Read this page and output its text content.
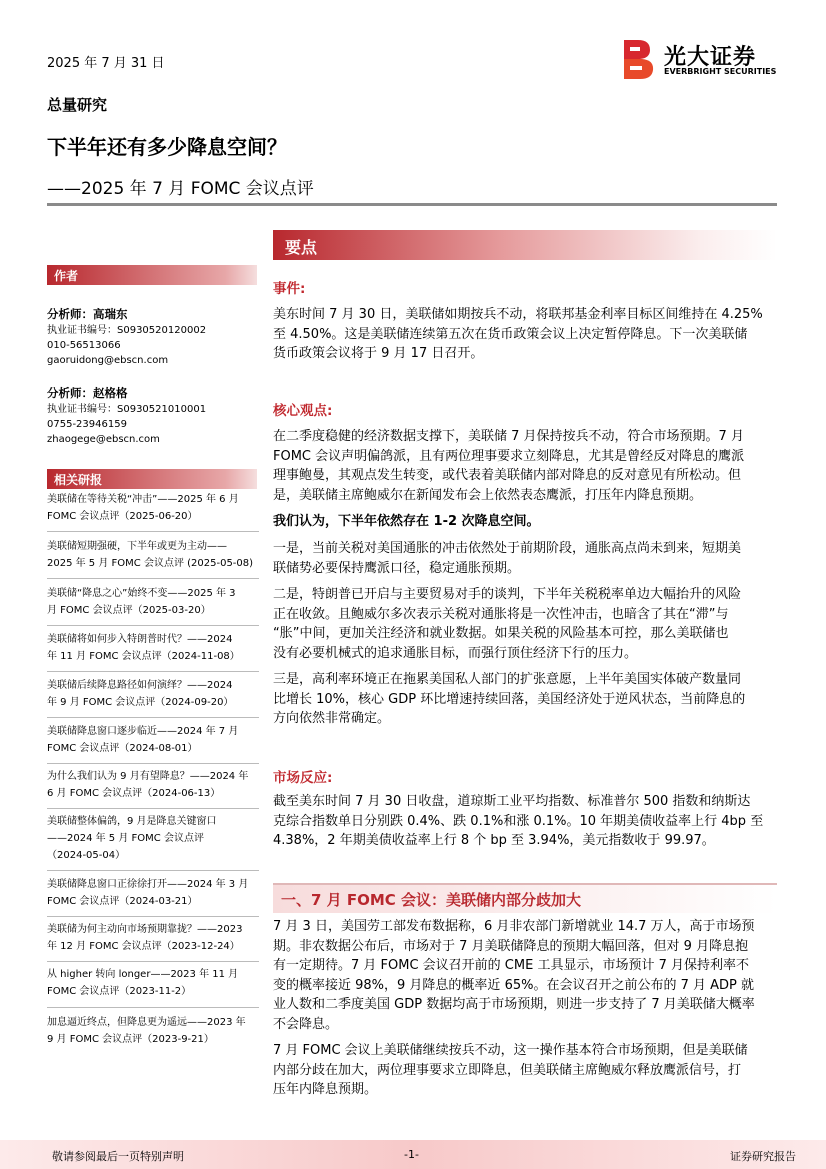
2025 年 7 月 31 日	光大证券
EVERBRIGHT SECURITIES
总量研究
下半年还有多少降息空间？
——2025 年 7 月 FOMC 会议点评
作者
分析师：高瑞东
执业证书编号：S0930520120002
010-56513066
gaoruidong@ebscn.com
分析师：赵格格
执业证书编号：S0930521010001
0755-23946159
zhaogege@ebscn.com
相关研报
美联储在等待关税“冲击”——2025 年 6 月
FOMC 会议点评（2025-06-20）
美联储短期强硬，下半年或更为主动——
2025 年 5 月 FOMC 会议点评 (2025-05-08)
美联储“降息之心”始终不变——2025 年 3
月 FOMC 会议点评（2025-03-20）
美联储将如何步入特朗普时代？——2024
年 11 月 FOMC 会议点评（2024-11-08）
美联储后续降息路径如何演绎？——2024
年 9 月 FOMC 会议点评（2024-09-20）
美联储降息窗口逐步临近——2024 年 7 月
FOMC 会议点评（2024-08-01）
为什么我们认为 9 月有望降息？——2024 年
6 月 FOMC 会议点评（2024-06-13）
美联储整体偏鸽，9 月是降息关键窗口
——2024 年 5 月 FOMC 会议点评
（2024-05-04）
美联储降息窗口正徐徐打开——2024 年 3 月
FOMC 会议点评（2024-03-21）
美联储为何主动向市场预期靠拢？——2023
年 12 月 FOMC 会议点评（2023-12-24）
从 higher 转向 longer——2023 年 11 月
FOMC 会议点评（2023-11-2）
加息逼近终点，但降息更为遥远——2023 年
9 月 FOMC 会议点评（2023-9-21）
要点
事件:
美东时间 7 月 30 日，美联储如期按兵不动，将联邦基金利率目标区间维持在 4.25%
至 4.50%。这是美联储连续第五次在货币政策会议上决定暂停降息。下一次美联储
货币政策会议将于 9 月 17 日召开。
核心观点:
在二季度稳健的经济数据支撑下，美联储 7 月保持按兵不动，符合市场预期。7 月
FOMC 会议声明偏鸽派，且有两位理事要求立刻降息，尤其是曾经反对降息的鹰派
理事鲍曼，其观点发生转变，或代表着美联储内部对降息的反对意见有所松动。但
是，美联储主席鲍威尔在新闻发布会上依然表态鹰派，打压年内降息预期。
我们认为，下半年依然存在 1-2 次降息空间。
一是，当前关税对美国通胀的冲击依然处于前期阶段，通胀高点尚未到来，短期美
联储势必要保持鹰派口径，稳定通胀预期。
二是，特朗普已开启与主要贸易对手的谈判，下半年关税税率单边大幅抬升的风险
正在收敛。且鲍威尔多次表示关税对通胀将是一次性冲击，也暗含了其在“滞”与
“胀”中间，更加关注经济和就业数据。如果关税的风险基本可控，那么美联储也
没有必要机械式的追求通胀目标，而强行顶住经济下行的压力。
三是，高利率环境正在拖累美国私人部门的扩张意愿，上半年美国实体破产数量同
比增长 10%，核心 GDP 环比增速持续回落，美国经济处于逆风状态，当前降息的
方向依然非常确定。
市场反应:
截至美东时间 7 月 30 日收盘，道琼斯工业平均指数、标准普尔 500 指数和纳斯达
克综合指数单日分别跌 0.4%、跌 0.1%和涨 0.1%。10 年期美债收益率上行 4bp 至
4.38%，2 年期美债收益率上行 8 个 bp 至 3.94%，美元指数收于 99.97。
一、7 月 FOMC 会议：美联储内部分歧加大
7 月 3 日，美国劳工部发布数据称，6 月非农部门新增就业 14.7 万人，高于市场预
期。非农数据公布后，市场对于 7 月美联储降息的预期大幅回落，但对 9 月降息抱
有一定期待。7 月 FOMC 会议召开前的 CME 工具显示，市场预计 7 月保持利率不
变的概率接近 98%，9 月降息的概率近 65%。在会议召开之前公布的 7 月 ADP 就
业人数和二季度美国 GDP 数据均高于市场预期，则进一步支持了 7 月美联储大概率
不会降息。
7 月 FOMC 会议上美联储继续按兵不动，这一操作基本符合市场预期，但是美联储
内部分歧在加大，两位理事要求立即降息，但美联储主席鲍威尔释放鹰派信号，打
压年内降息预期。
敬请参阅最后一页特别声明	-1-	证券研究报告
